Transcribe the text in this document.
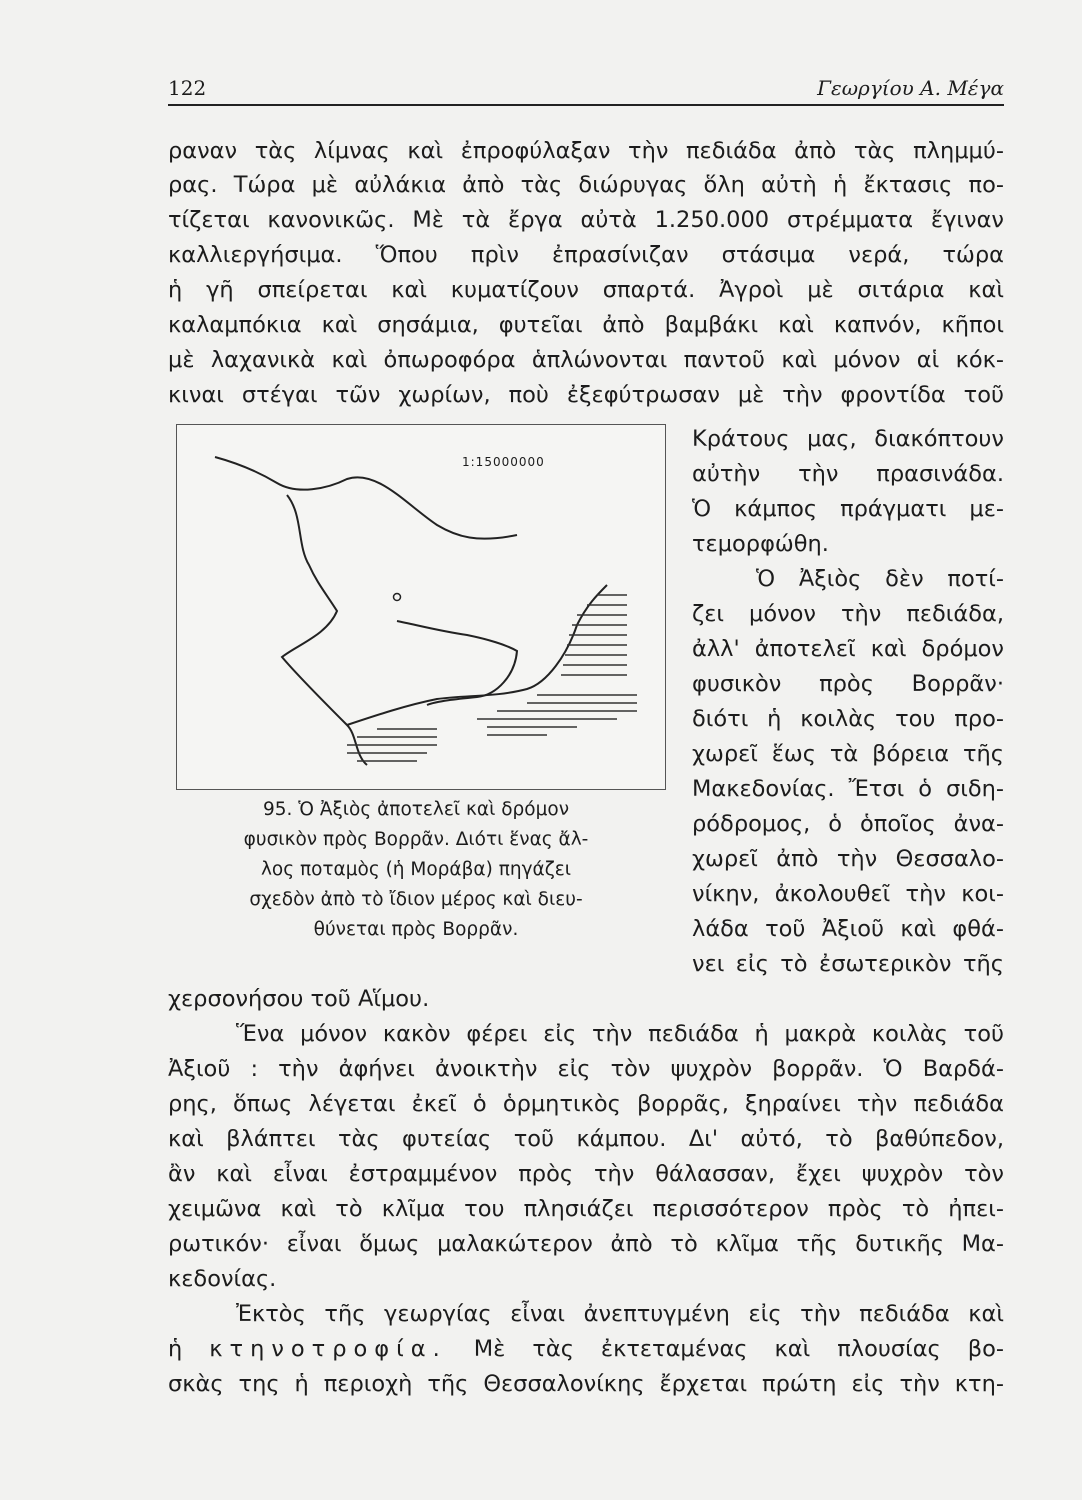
122	Γεωργίου Α. Μέγα
ραναν τὰς λίμνας καὶ ἐπροφύλαξαν τὴν πεδιάδα ἀπὸ τὰς πλημμύ-
ρας. Τώρα μὲ αὐλάκια ἀπὸ τὰς διώρυγας ὅλη αὐτὴ ἡ ἔκτασις πο-
τίζεται κανονικῶς. Μὲ τὰ ἔργα αὐτὰ 1.250.000 στρέμματα ἔγιναν
καλλιεργήσιμα. Ὅπου πρὶν ἐπρασίνιζαν στάσιμα νερά, τώρα
ἡ γῆ σπείρεται καὶ κυματίζουν σπαρτά. Ἀγροὶ μὲ σιτάρια καὶ
καλαμπόκια καὶ σησάμια, φυτεῖαι ἀπὸ βαμβάκι καὶ καπνόν, κῆποι
μὲ λαχανικὰ καὶ ὀπωροφόρα ἁπλώνονται παντοῦ καὶ μόνον αἱ κόκ-
κιναι στέγαι τῶν χωρίων, ποὺ ἐξεφύτρωσαν μὲ τὴν φροντίδα τοῦ
1:15000000
95. Ὁ Ἀξιὸς ἀποτελεῖ καὶ δρόμον
φυσικὸν πρὸς Βορρᾶν. Διότι ἕνας ἄλ-
λος ποταμὸς (ἡ Μοράβα) πηγάζει
σχεδὸν ἀπὸ τὸ ἴδιον μέρος καὶ διευ-
θύνεται πρὸς Βορρᾶν.
Κράτους μας, διακόπτουν
αὐτὴν τὴν πρασινάδα.
Ὁ κάμπος πράγματι με-
τεμορφώθη.
Ὁ Ἀξιὸς δὲν ποτί-
ζει μόνον τὴν πεδιάδα,
ἀλλ' ἀποτελεῖ καὶ δρόμον
φυσικὸν πρὸς Βορρᾶν·
διότι ἡ κοιλὰς του προ-
χωρεῖ ἕως τὰ βόρεια τῆς
Μακεδονίας. Ἔτσι ὁ σιδη-
ρόδρομος, ὁ ὁποῖος ἀνα-
χωρεῖ ἀπὸ τὴν Θεσσαλο-
νίκην, ἀκολουθεῖ τὴν κοι-
λάδα τοῦ Ἀξιοῦ καὶ φθά-
νει εἰς τὸ ἐσωτερικὸν τῆς
χερσονήσου τοῦ Αἵμου.
Ἕνα μόνον κακὸν φέρει εἰς τὴν πεδιάδα ἡ μακρὰ κοιλὰς τοῦ
Ἀξιοῦ : τὴν ἀφήνει ἀνοικτὴν εἰς τὸν ψυχρὸν βορρᾶν. Ὁ Βαρδά-
ρης, ὅπως λέγεται ἐκεῖ ὁ ὁρμητικὸς βορρᾶς, ξηραίνει τὴν πεδιάδα
καὶ βλάπτει τὰς φυτείας τοῦ κάμπου. Δι' αὐτό, τὸ βαθύπεδον,
ἂν καὶ εἶναι ἐστραμμένον πρὸς τὴν θάλασσαν, ἔχει ψυχρὸν τὸν
χειμῶνα καὶ τὸ κλῖμα του πλησιάζει περισσότερον πρὸς τὸ ἠπει-
ρωτικόν· εἶναι ὅμως μαλακώτερον ἀπὸ τὸ κλῖμα τῆς δυτικῆς Μα-
κεδονίας.
Ἐκτὸς τῆς γεωργίας εἶναι ἀνεπτυγμένη εἰς τὴν πεδιάδα καὶ
ἡ κτηνοτροφία. Μὲ τὰς ἐκτεταμένας καὶ πλουσίας βο-
σκὰς της ἡ περιοχὴ τῆς Θεσσαλονίκης ἔρχεται πρώτη εἰς τὴν κτη-
